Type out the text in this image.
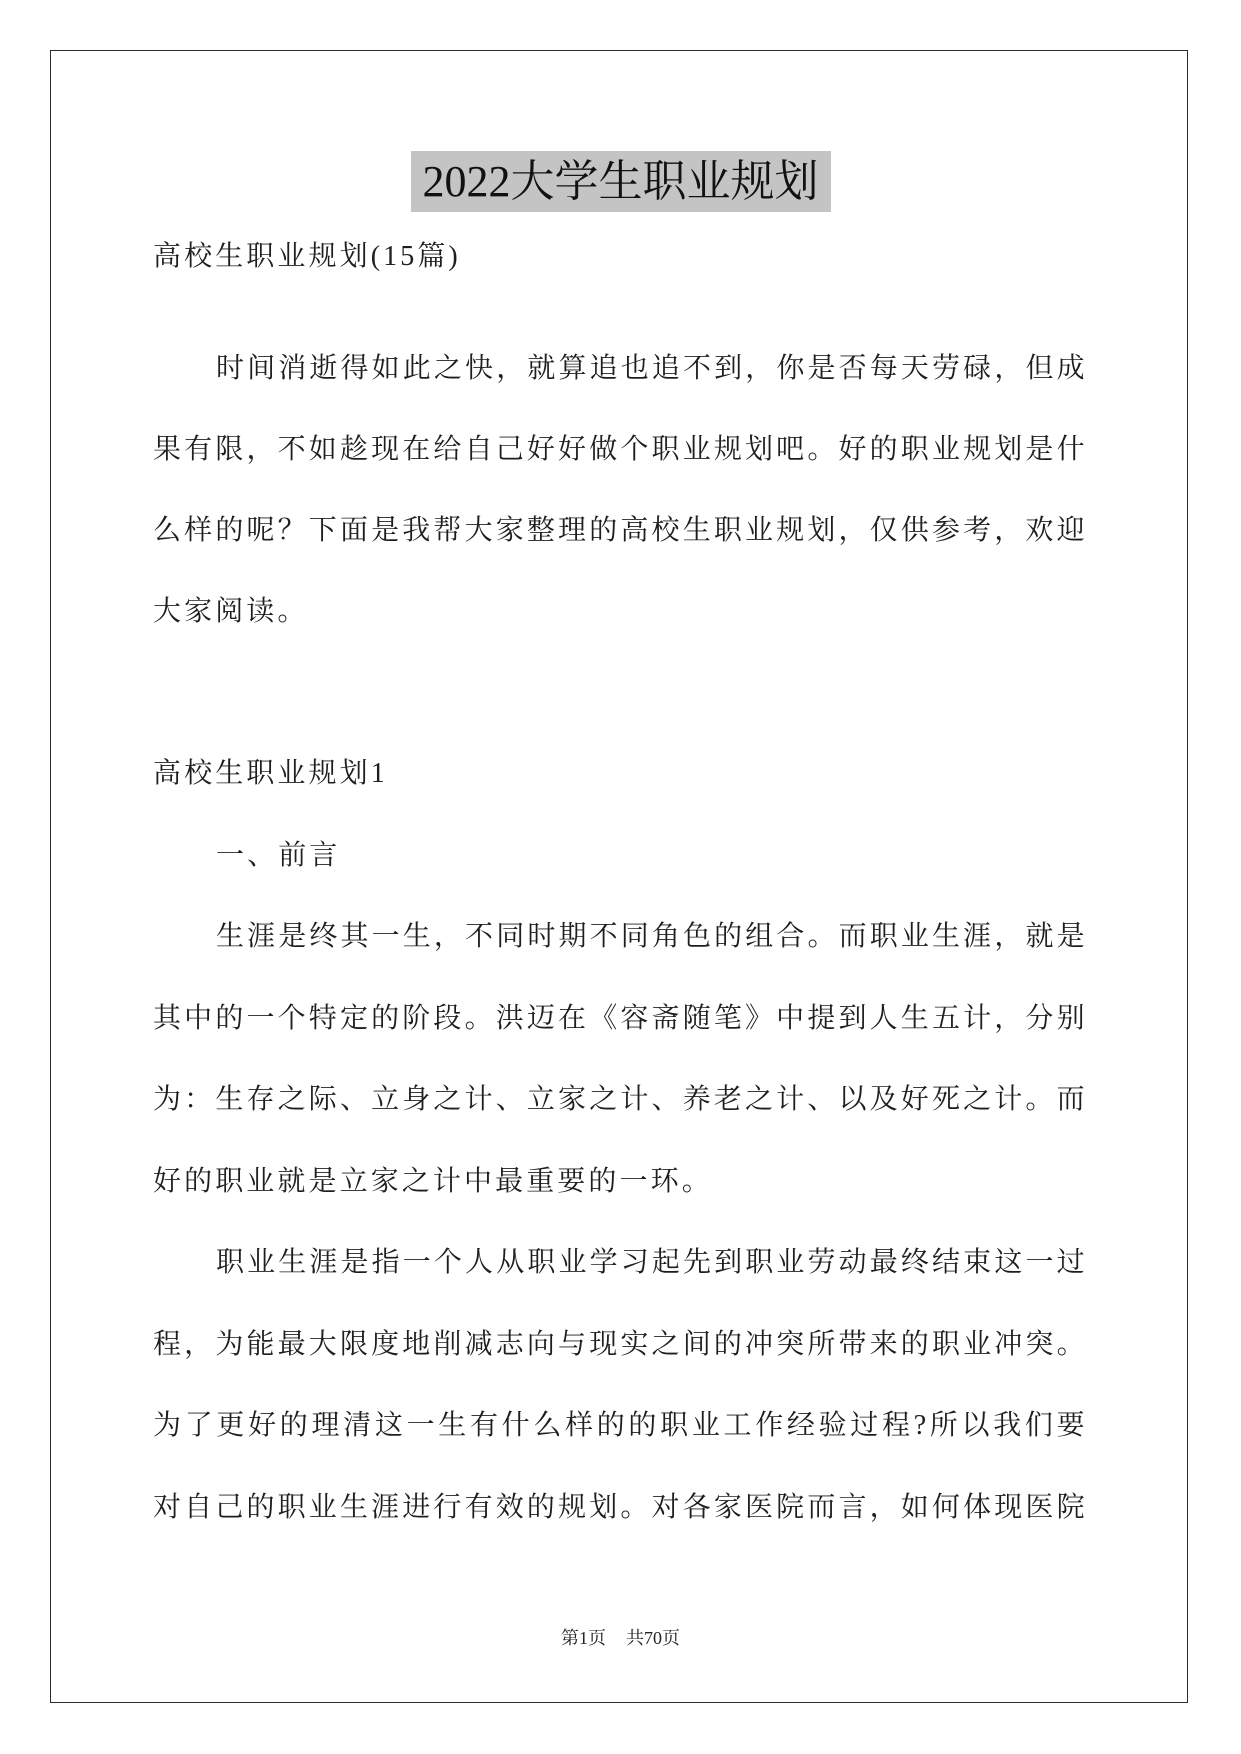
2022大学生职业规划
高校生职业规划(15篇)
时间消逝得如此之快，就算追也追不到，你是否每天劳碌，但成
果有限，不如趁现在给自己好好做个职业规划吧。好的职业规划是什
么样的呢？下面是我帮大家整理的高校生职业规划，仅供参考，欢迎
大家阅读。
高校生职业规划1
一、前言
生涯是终其一生，不同时期不同角色的组合。而职业生涯，就是
其中的一个特定的阶段。洪迈在《容斋随笔》中提到人生五计，分别
为：生存之际、立身之计、立家之计、养老之计、以及好死之计。而
好的职业就是立家之计中最重要的一环。
职业生涯是指一个人从职业学习起先到职业劳动最终结束这一过
程，为能最大限度地削减志向与现实之间的冲突所带来的职业冲突。
为了更好的理清这一生有什么样的的职业工作经验过程?所以我们要
对自己的职业生涯进行有效的规划。对各家医院而言，如何体现医院
第1页 共70页
